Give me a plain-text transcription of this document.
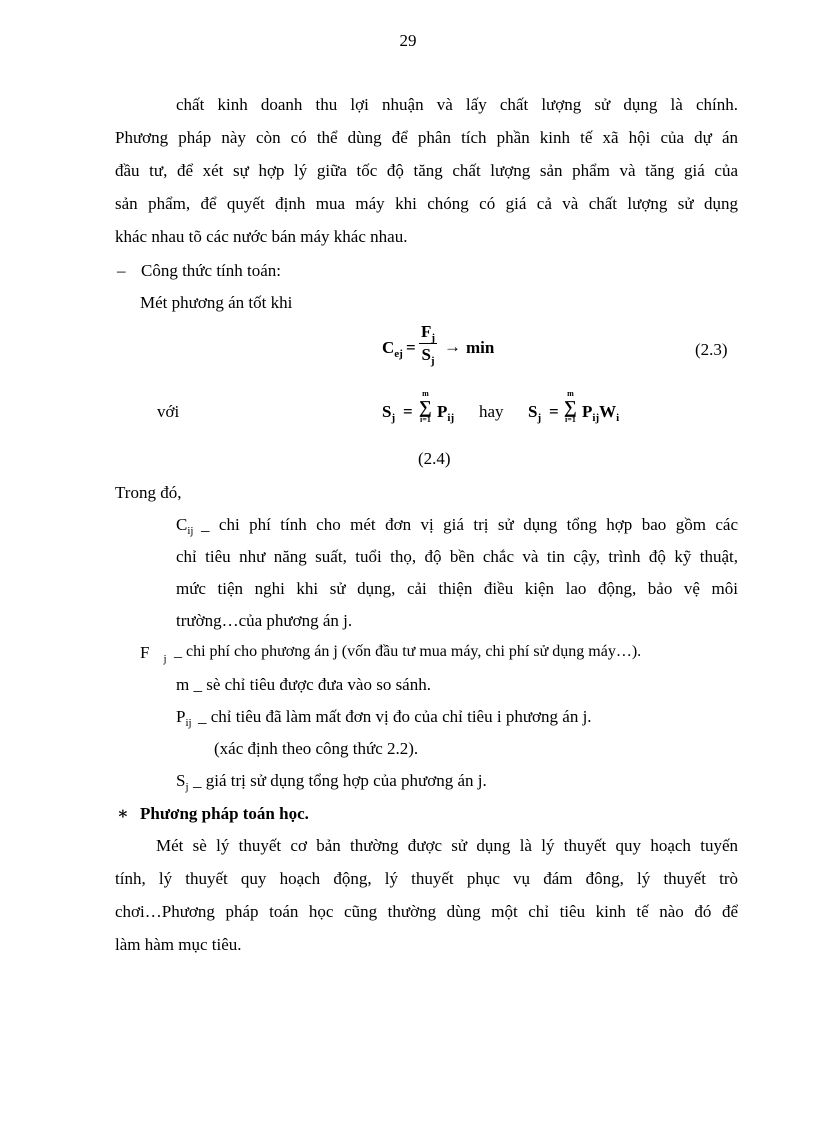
29
chất kinh doanh thu lợi nhuận và lấy chất lượng sử dụng là chính.
Phương pháp này còn có thể dùng để phân tích phần kinh tế xã hội của dự án
đầu tư, để xét sự hợp lý giữa tốc độ tăng chất lượng sản phẩm và tăng giá của
sản phẩm, để quyết định mua máy khi chóng có giá cả và chất lượng sử dụng
khác nhau tõ các nước bán máy khác nhau.
– Công thức tính toán:
Mét phương án tốt khi
$C_{ej}$ =
$F_j$
$S_j$
→ min	(2.3)
với	$S_j$ =
m
∑
i=1 $P_{ij}$ hay $S_j$ =
m
∑
i=1 $P_{ij}W_i$
(2.4)
Trong đó,
$C_{ij}$ _ chi phí tính cho mét đơn vị giá trị sử dụng tổng hợp bao gồm các
chỉ tiêu như năng suất, tuổi thọ, độ bền chắc và tin cậy, trình độ kỹ thuật,
mức tiện nghi khi sử dụng, cải thiện điều kiện lao động, bảo vệ môi
trường…của phương án j.
F $_j$ _ chi phí cho phương án j (vốn đầu tư mua máy, chi phí sử dụng máy…).
m _ sè chỉ tiêu được đưa vào so sánh.
$P_{ij}$ _ chỉ tiêu đã làm mất đơn vị đo của chỉ tiêu i phương án j.
(xác định theo công thức 2.2).
$S_j$ _ giá trị sử dụng tổng hợp của phương án j.
∗ Phương pháp toán học.
Mét sè lý thuyết cơ bản thường được sử dụng là lý thuyết quy hoạch tuyến
tính, lý thuyết quy hoạch động, lý thuyết phục vụ đám đông, lý thuyết trò
chơi…Phương pháp toán học cũng thường dùng một chỉ tiêu kinh tế nào đó để
làm hàm mục tiêu.
